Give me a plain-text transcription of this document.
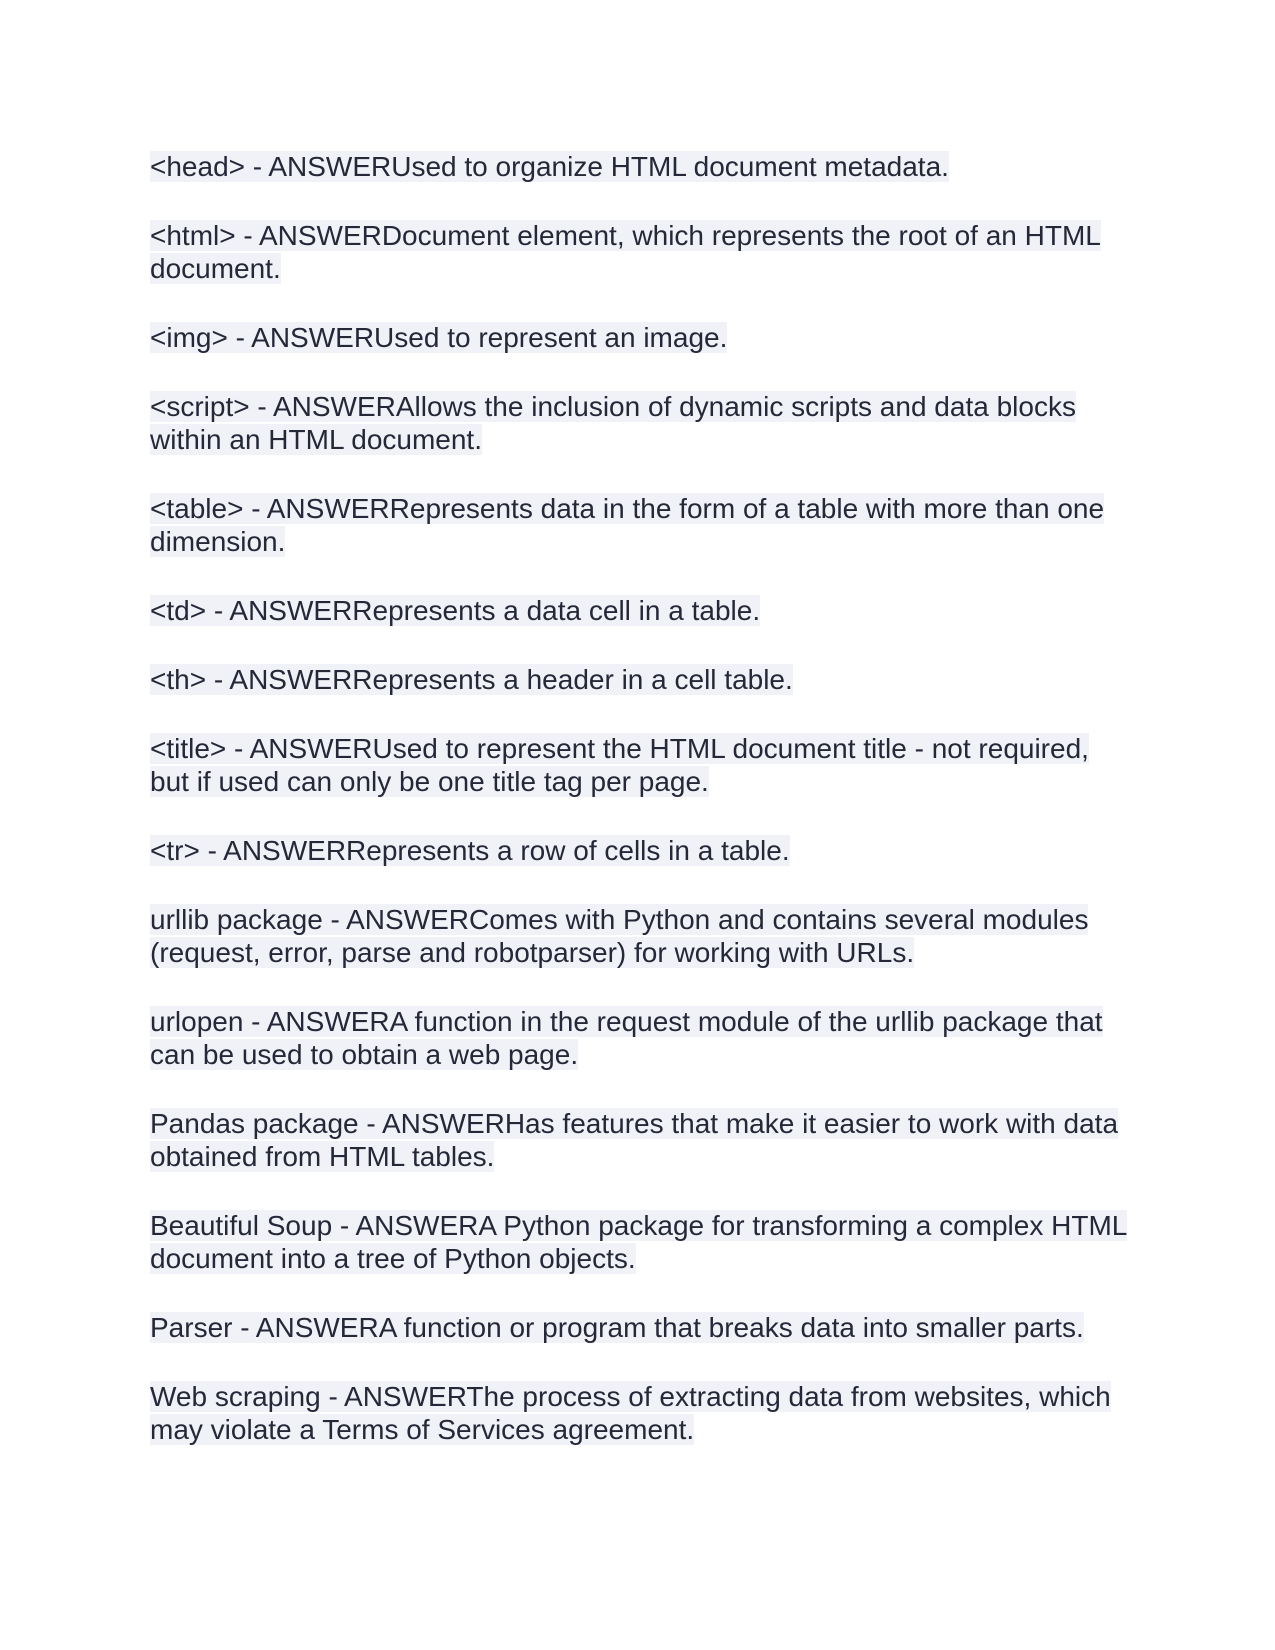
<head> - ANSWERUsed to organize HTML document metadata.

<html> - ANSWERDocument element, which represents the root of an HTML document.

<img> - ANSWERUsed to represent an image.

<script> - ANSWERAllows the inclusion of dynamic scripts and data blocks within an HTML document.

<table> - ANSWERRepresents data in the form of a table with more than one dimension.

<td> - ANSWERRepresents a data cell in a table.

<th> - ANSWERRepresents a header in a cell table.

<title> - ANSWERUsed to represent the HTML document title - not required, but if used can only be one title tag per page.

<tr> - ANSWERRepresents a row of cells in a table.

urllib package - ANSWERComes with Python and contains several modules (request, error, parse and robotparser) for working with URLs.

urlopen - ANSWERA function in the request module of the urllib package that can be used to obtain a web page.

Pandas package - ANSWERHas features that make it easier to work with data obtained from HTML tables.

Beautiful Soup - ANSWERA Python package for transforming a complex HTML document into a tree of Python objects.

Parser - ANSWERA function or program that breaks data into smaller parts.

Web scraping - ANSWERThe process of extracting data from websites, which may violate a Terms of Services agreement.
